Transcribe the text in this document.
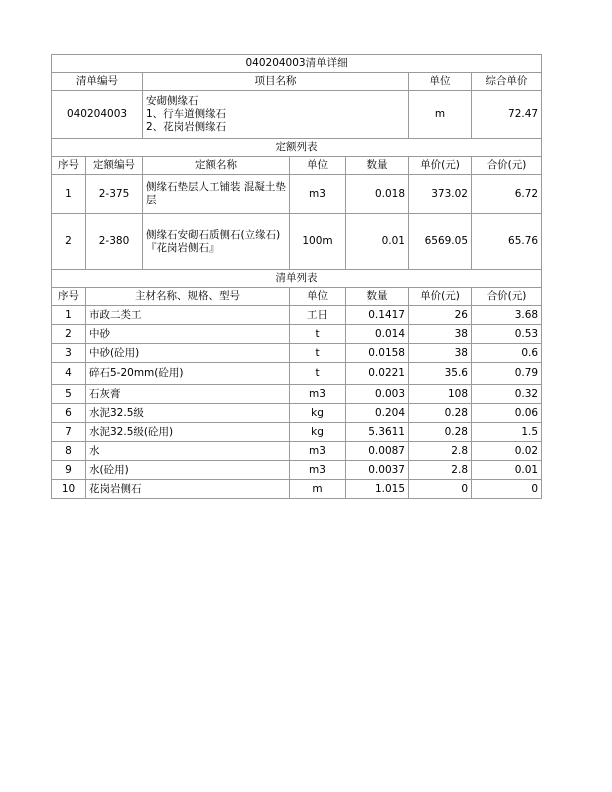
040204003清单详细						
清单编号		项目名称			单位	综合单价
040204003		安砌侧缘石
1、行车道侧缘石
2、花岗岩侧缘石			m	72.47
定额列表						
序号	定额编号	定额名称	单位	数量	单价(元)	合价(元)
1	2-375	侧缘石垫层人工铺装 混凝土垫层	m3	0.018	373.02	6.72
2	2-380	侧缘石安砌石质侧石(立缘石)『花岗岩侧石』	100m	0.01	6569.05	65.76
清单列表						
序号	主材名称、规格、型号		单位	数量	单价(元)	合价(元)
1	市政二类工		工日	0.1417	26	3.68
2	中砂		t	0.014	38	0.53
3	中砂(砼用)		t	0.0158	38	0.6
4	碎石5-20mm(砼用)		t	0.0221	35.6	0.79
5	石灰膏		m3	0.003	108	0.32
6	水泥32.5级		kg	0.204	0.28	0.06
7	水泥32.5级(砼用)		kg	5.3611	0.28	1.5
8	水		m3	0.0087	2.8	0.02
9	水(砼用)		m3	0.0037	2.8	0.01
10	花岗岩侧石		m	1.015	0	0
